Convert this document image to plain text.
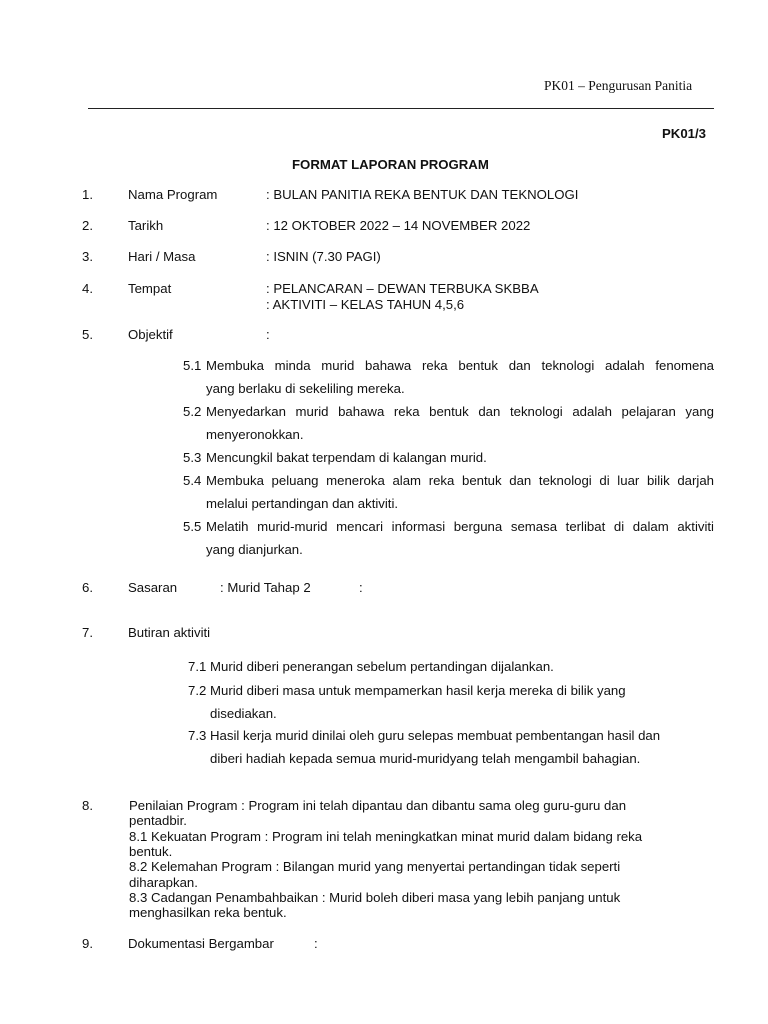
PK01 – Pengurusan Panitia
PK01/3
FORMAT LAPORAN PROGRAM
1.	Nama Program	: BULAN PANITIA REKA BENTUK DAN TEKNOLOGI
2.	Tarikh	: 12 OKTOBER 2022 – 14 NOVEMBER 2022
3.	Hari / Masa	: ISNIN (7.30 PAGI)
4.	Tempat	: PELANCARAN – DEWAN TERBUKA SKBBA
: AKTIVITI – KELAS TAHUN 4,5,6
5.	Objektif	:
5.1 Membuka minda murid bahawa reka bentuk dan teknologi adalah fenomena
yang berlaku di sekeliling mereka.
5.2 Menyedarkan murid bahawa reka bentuk dan teknologi adalah pelajaran yang
menyeronokkan.
5.3 Mencungkil bakat terpendam di kalangan murid.
5.4 Membuka peluang meneroka alam reka bentuk dan teknologi di luar bilik darjah
melalui pertandingan dan aktiviti.
5.5 Melatih murid-murid mencari informasi berguna semasa terlibat di dalam aktiviti
yang dianjurkan.
6.	Sasaran	: Murid Tahap 2	:
7.	Butiran aktiviti
7.1 Murid diberi penerangan sebelum pertandingan dijalankan.
7.2 Murid diberi masa untuk mempamerkan hasil kerja mereka di bilik yang
disediakan.
7.3 Hasil kerja murid dinilai oleh guru selepas membuat pembentangan hasil dan
diberi hadiah kepada semua murid-muridyang telah mengambil bahagian.
8.	Penilaian Program : Program ini telah dipantau dan dibantu sama oleg guru-guru dan
pentadbir.
8.1 Kekuatan Program : Program ini telah meningkatkan minat murid dalam bidang reka
bentuk.
8.2 Kelemahan Program : Bilangan murid yang menyertai pertandingan tidak seperti
diharapkan.
8.3 Cadangan Penambahbaikan : Murid boleh diberi masa yang lebih panjang untuk
menghasilkan reka bentuk.
9.	Dokumentasi Bergambar	:
